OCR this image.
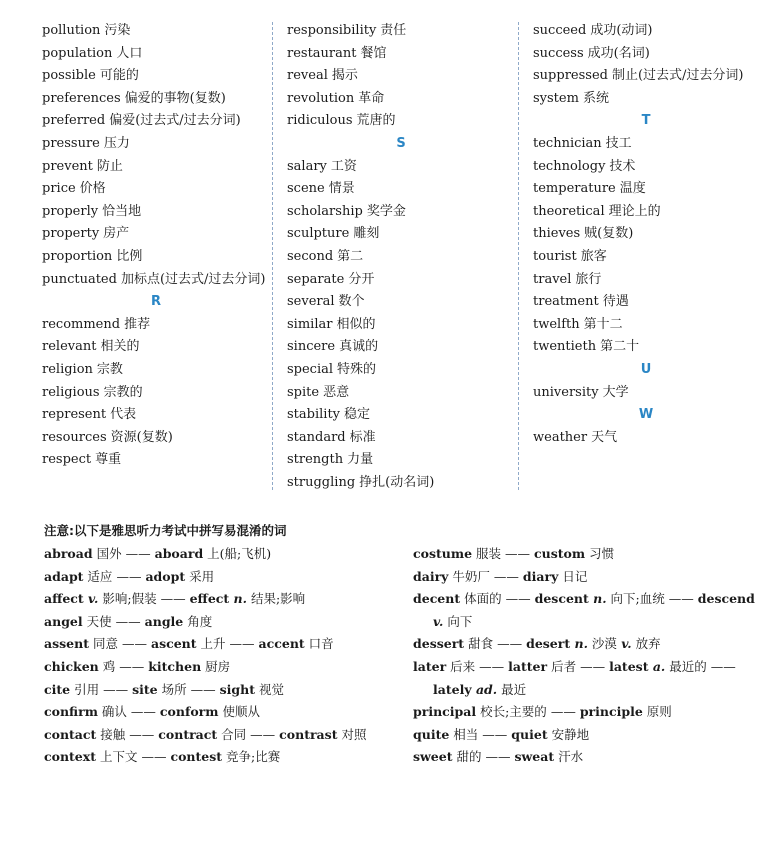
pollution 污染
population 人口
possible 可能的
preferences 偏爱的事物(复数)
preferred 偏爱(过去式/过去分词)
pressure 压力
prevent 防止
price 价格
properly 恰当地
property 房产
proportion 比例
punctuated 加标点(过去式/过去分词)
R
recommend 推荐
relevant 相关的
religion 宗教
religious 宗教的
represent 代表
resources 资源(复数)
respect 尊重
responsibility 责任
restaurant 餐馆
reveal 揭示
revolution 革命
ridiculous 荒唐的
S
salary 工资
scene 情景
scholarship 奖学金
sculpture 雕刻
second 第二
separate 分开
several 数个
similar 相似的
sincere 真诚的
special 特殊的
spite 恶意
stability 稳定
standard 标准
strength 力量
struggling 挣扎(动名词)
succeed 成功(动词)
success 成功(名词)
suppressed 制止(过去式/过去分词)
system 系统
T
technician 技工
technology 技术
temperature 温度
theoretical 理论上的
thieves 贼(复数)
tourist 旅客
travel 旅行
treatment 待遇
twelfth 第十二
twentieth 第二十
U
university 大学
W
weather 天气
注意:以下是雅思听力考试中拼写易混淆的词
abroad 国外 —— aboard 上(船;飞机)
adapt 适应 —— adopt 采用
affect v. 影响;假装 —— effect n. 结果;影响
angel 天使 —— angle 角度
assent 同意 —— ascent 上升 —— accent 口音
chicken 鸡 —— kitchen 厨房
cite 引用 —— site 场所 —— sight 视觉
confirm 确认 —— conform 使顺从
contact 接触 —— contract 合同 —— contrast 对照
context 上下文 —— contest 竞争;比赛
costume 服装 —— custom 习惯
dairy 牛奶厂 —— diary 日记
decent 体面的 —— descent n. 向下;血统 —— descend v. 向下
dessert 甜食 —— desert n. 沙漠 v. 放弃
later 后来 —— latter 后者 —— latest a. 最近的 ——lately ad. 最近
principal 校长;主要的 —— principle 原则
quite 相当 —— quiet 安静地
sweet 甜的 —— sweat 汗水
